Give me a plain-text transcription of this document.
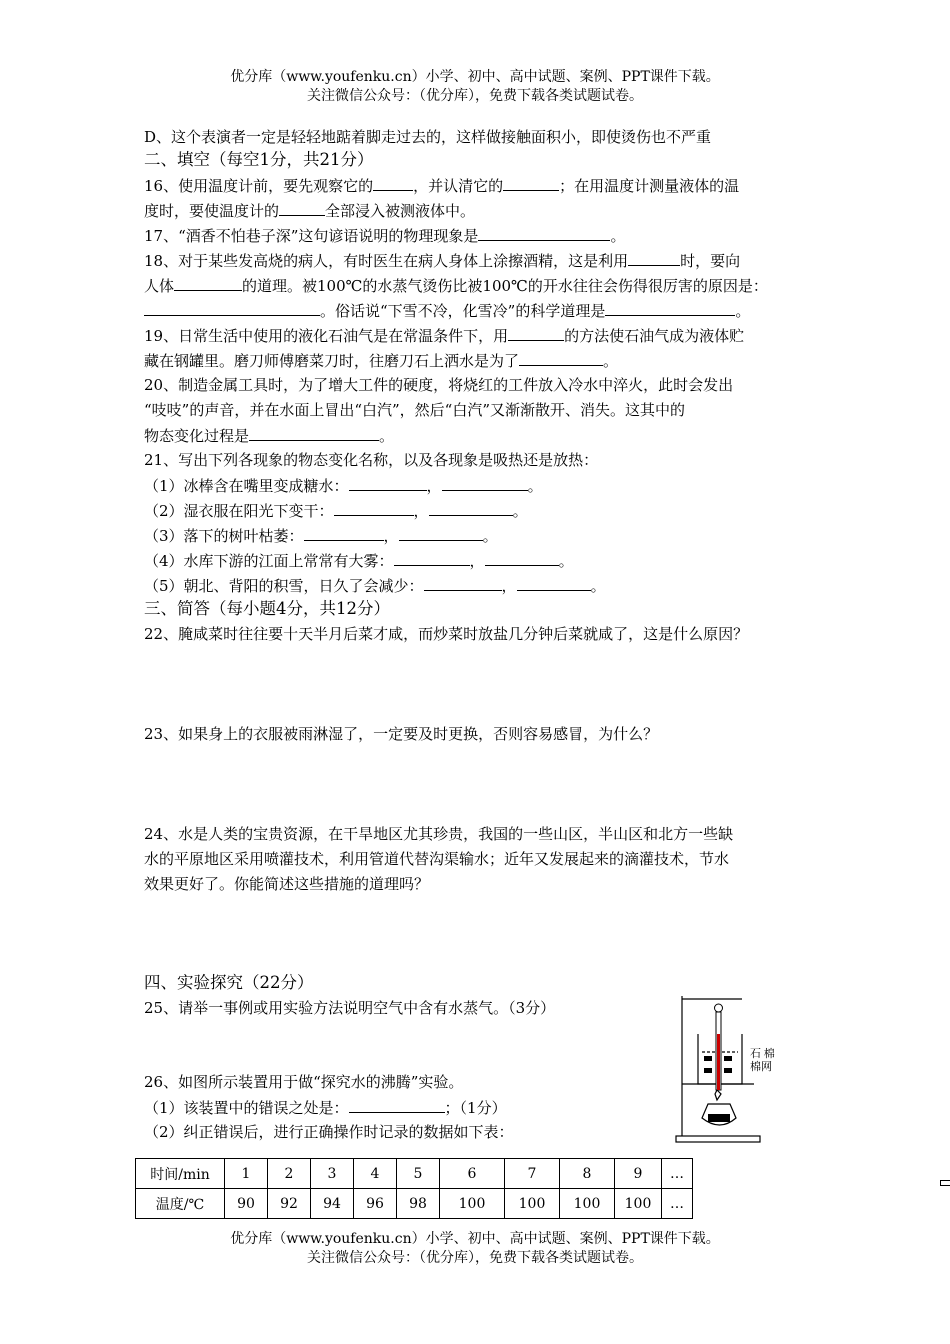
优分库（www.youfenku.cn）小学、初中、高中试题、案例、PPT课件下载。
关注微信公众号：（优分库），免费下载各类试题试卷。
D、这个表演者一定是轻轻地踮着脚走过去的，这样做接触面积小，即使烫伤也不严重
二、填空（每空1分，共21分）
16、使用温度计前，要先观察它的	，并认清它的	；在用温度计测量液体的温
度时，要使温度计的	全部浸入被测液体中。
17、“酒香不怕巷子深”这句谚语说明的物理现象是	。
18、对于某些发高烧的病人，有时医生在病人身体上涂擦酒精，这是利用	时，要向
人体	的道理。被100℃的水蒸气烫伤比被100℃的开水往往会伤得很厉害的原因是：
。俗话说“下雪不冷，化雪冷”的科学道理是	。
19、日常生活中使用的液化石油气是在常温条件下，用	的方法使石油气成为液体贮
藏在钢罐里。磨刀师傅磨菜刀时，往磨刀石上洒水是为了	。
20、制造金属工具时，为了增大工件的硬度，将烧红的工件放入冷水中淬火，此时会发出
“吱吱”的声音，并在水面上冒出“白汽”，然后“白汽”又渐渐散开、消失。这其中的
物态变化过程是	。
21、写出下列各现象的物态变化名称，以及各现象是吸热还是放热：
（1）冰棒含在嘴里变成糖水：	，	。
（2）湿衣服在阳光下变干：	，	。
（3）落下的树叶枯萎：	，	。
（4）水库下游的江面上常常有大雾：	，	。
（5）朝北、背阳的积雪，日久了会减少：	，	。
三、简答（每小题4分，共12分）
22、腌咸菜时往往要十天半月后菜才咸，而炒菜时放盐几分钟后菜就咸了，这是什么原因？
23、如果身上的衣服被雨淋湿了，一定要及时更换，否则容易感冒，为什么？
24、水是人类的宝贵资源，在干旱地区尤其珍贵，我国的一些山区，半山区和北方一些缺
水的平原地区采用喷灌技术，利用管道代替沟渠输水；近年又发展起来的滴灌技术，节水
效果更好了。你能简述这些措施的道理吗？
四、实验探究（22分）
25、请举一事例或用实验方法说明空气中含有水蒸气。（3分）
26、如图所示装置用于做“探究水的沸腾”实验。
（1）该装置中的错误之处是：	；（1分）
（2）纠正错误后，进行正确操作时记录的数据如下表：
石 棉
棉网
时间/min	1	2	3	4	5	6	7	8	9	…
温度/℃	90	92	94	96	98	100	100	100	100	…
优分库（www.youfenku.cn）小学、初中、高中试题、案例、PPT课件下载。
关注微信公众号：（优分库），免费下载各类试题试卷。
